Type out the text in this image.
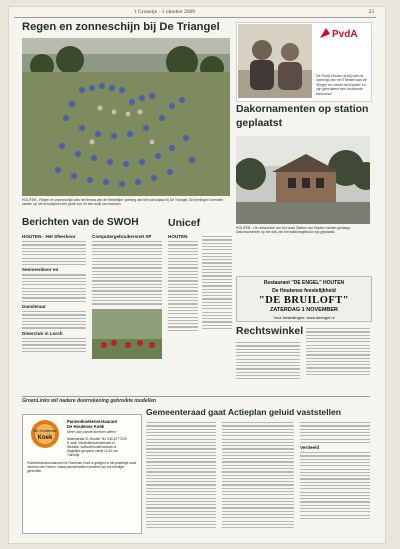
't Groentje · 1 oktober 2008	23
Regen en zonneschijn bij De Triangel
HOUTEN - Regen en zonneschijn was het thema van de feestelijke opening van het schooljaar bij De Triangel. De leerlingen vormden samen op het schoolplein een grote zon en een wolk van mensen.
PvdA
De PvdA Houten is blij met de opening van het Theater aan de Slinger en wenst het theater en zijn gebruikers een bruisende toekomst!
Dakornamenten op station
geplaatst
HOUTEN - De restauratie van het oude Station van Houten verdert gestaag. Dakornamenten op het dak van het stationsgebouw zijn geplaatst.
Berichten van de SWOH
HOUTEN - Het Sfeerkoor
Seniorenkoor en
Dansleraar
Dinerclub in Lorch
Computergebruikersnet XP
Unicef
HOUTEN
Restaurant "DE ENGEL" HOUTEN
De Houtense feestelijkheid
"DE BRUILOFT"
ZATERDAG 1 NOVEMBER
Voor bestellingen: www.deengel.nl
Rechtswinkel
GroenLinks wil nadere doorrekening gebruikte modellen
Gemeenteraad gaat Actieplan geluid vaststellen
Verdeeld
De Houtense
Koek
Pannenkoekenrestaurant
De Houtense Koek
Meer dan pannenkoeken alleen
Molenstraat 31 Houten Tel. 030-6777229
E-mail: info@dehoutensekoek.nl
Website: www.dehoutensekoek.nl
Dagelijks geopend vanaf 11.00 uur
Tuinvrije.
Pannenkoekenrestaurant De Houtense Koek is gelegen in het prachtige oude centrum van Houten. Naast pannenkoeken serveren wij ook heerlijke gerechten.
